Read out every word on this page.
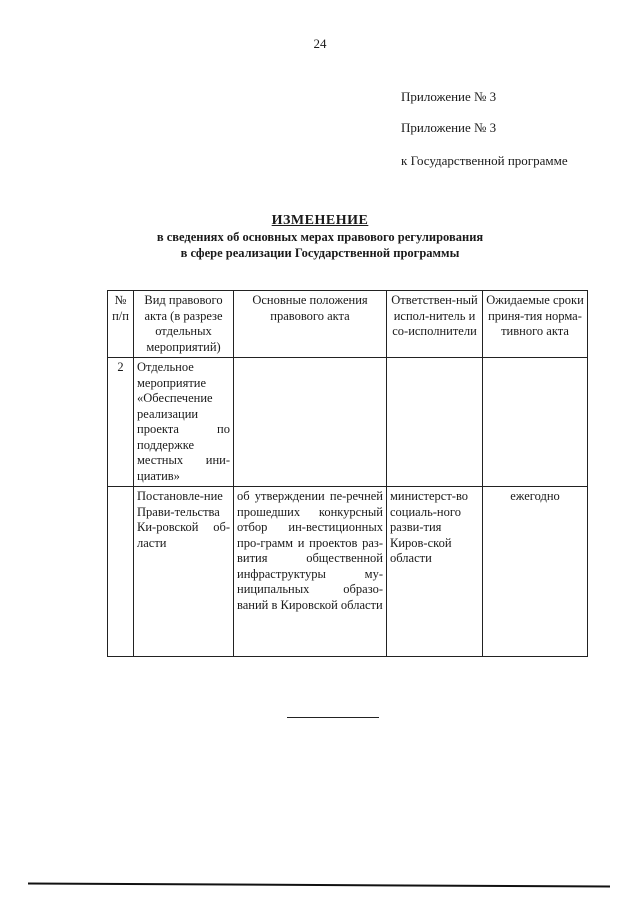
24
Приложение № 3
Приложение № 3
к Государственной программе
ИЗМЕНЕНИЕ
в сведениях об основных мерах правового регулирования
в сфере реализации Государственной программы
№ п/п	Вид правового акта (в разрезе отдельных мероприятий)	Основные положения правового акта	Ответствен-ный испол-нитель и со-исполнители	Ожидаемые сроки приня-тия норма-тивного акта
2	Отдельное мероприятие «Обеспечение реализации проекта по поддержке местных ини-циатив»			
	Постановле-ние Прави-тельства Ки-ровской об-ласти	об утверждении пе-речней прошедших конкурсный отбор ин-вестиционных про-грамм и проектов раз-вития общественной инфраструктуры му-ниципальных образо-ваний в Кировской области	министерст-во социаль-ного разви-тия Киров-ской области	ежегодно
